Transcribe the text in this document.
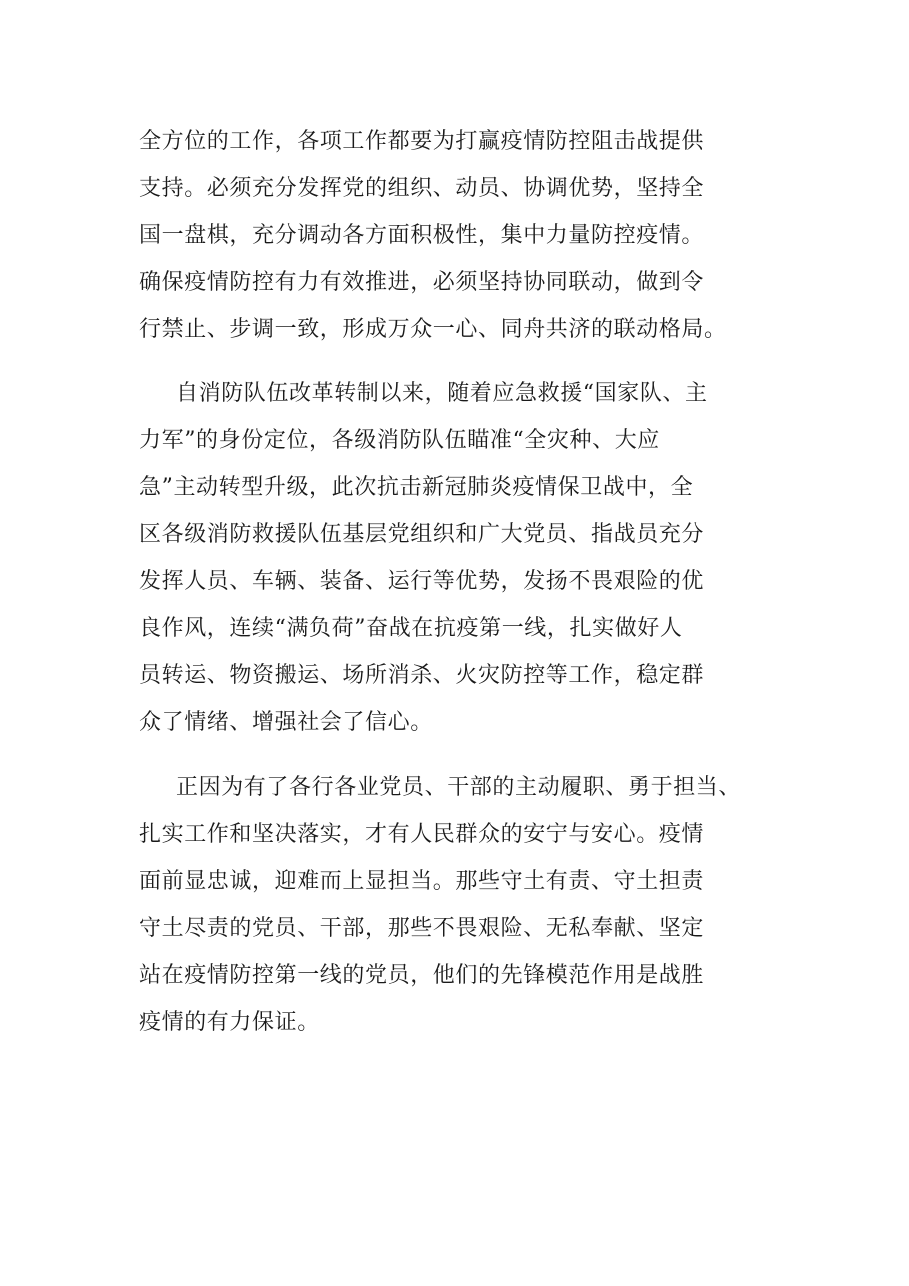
全方位的工作，各项工作都要为打赢疫情防控阻击战提供
支持。必须充分发挥党的组织、动员、协调优势，坚持全
国一盘棋，充分调动各方面积极性，集中力量防控疫情。
确保疫情防控有力有效推进，必须坚持协同联动，做到令
行禁止、步调一致，形成万众一心、同舟共济的联动格局。
自消防队伍改革转制以来，随着应急救援“国家队、主
力军”的身份定位，各级消防队伍瞄准“全灾种、大应
急”主动转型升级，此次抗击新冠肺炎疫情保卫战中，全
区各级消防救援队伍基层党组织和广大党员、指战员充分
发挥人员、车辆、装备、运行等优势，发扬不畏艰险的优
良作风，连续“满负荷”奋战在抗疫第一线，扎实做好人
员转运、物资搬运、场所消杀、火灾防控等工作，稳定群
众了情绪、增强社会了信心。
正因为有了各行各业党员、干部的主动履职、勇于担当、
扎实工作和坚决落实，才有人民群众的安宁与安心。疫情
面前显忠诚，迎难而上显担当。那些守土有责、守土担责
守土尽责的党员、干部，那些不畏艰险、无私奉献、坚定
站在疫情防控第一线的党员，他们的先锋模范作用是战胜
疫情的有力保证。
